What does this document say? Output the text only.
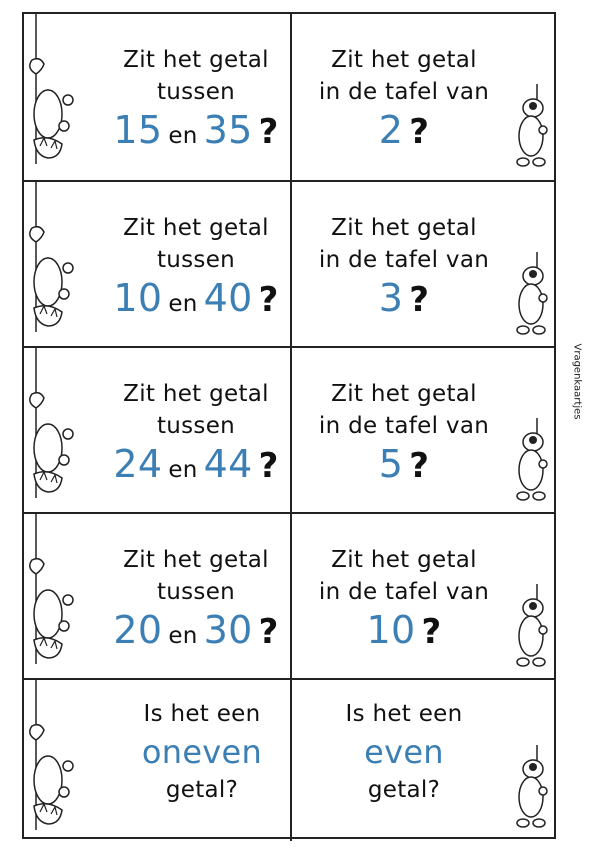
Zit het getal
tussen
15 en 35 ?
Zit het getal
in de tafel van
2 ?
Zit het getal
tussen
10 en 40 ?
Zit het getal
in de tafel van
3 ?
Zit het getal
tussen
24 en 44 ?
Zit het getal
in de tafel van
5 ?
Zit het getal
tussen
20 en 30 ?
Zit het getal
in de tafel van
10 ?
Is het een
oneven
getal?
Is het een
even
getal?
Vragenkaartjes
